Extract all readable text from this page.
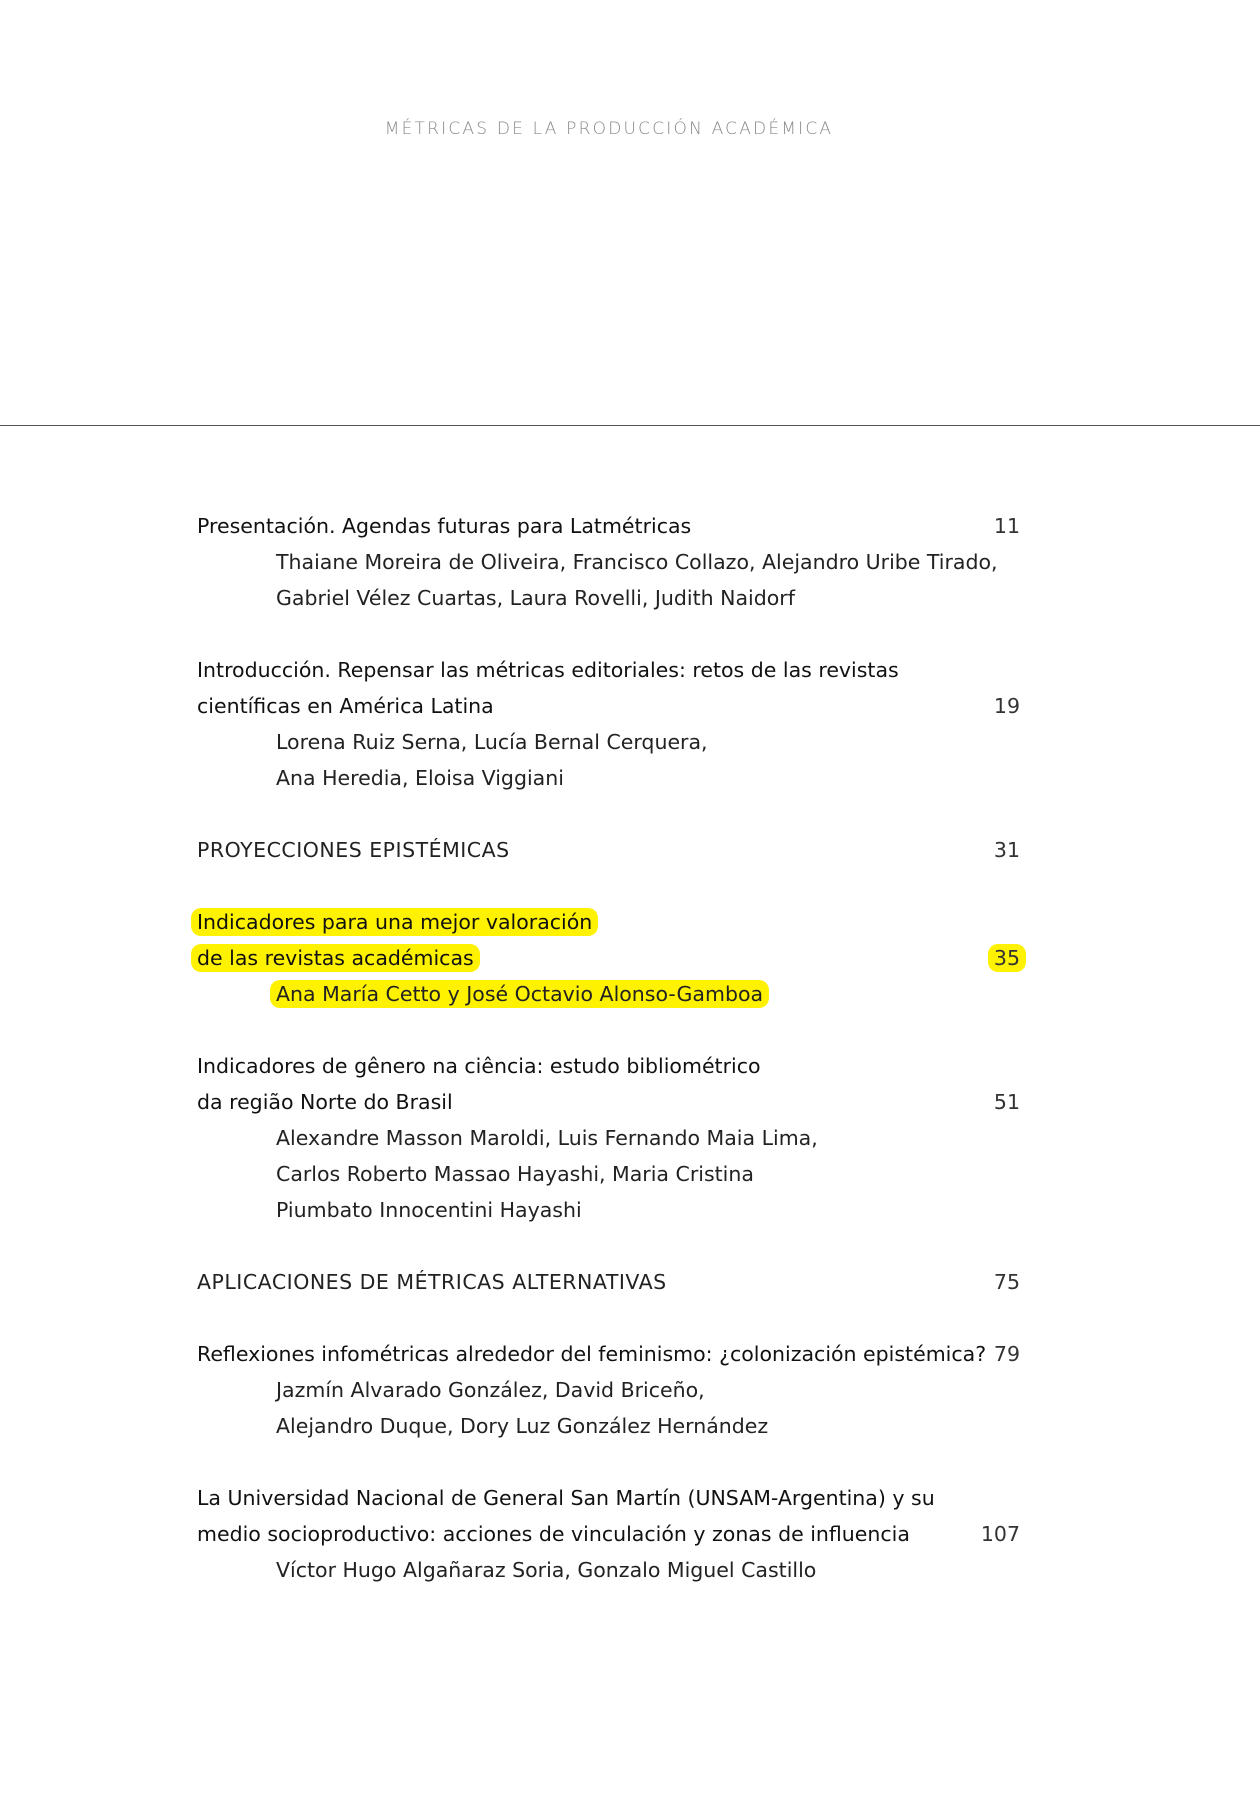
MÉTRICAS DE LA PRODUCCIÓN ACADÉMICA
Presentación. Agendas futuras para Latmétricas	11
Thaiane Moreira de Oliveira, Francisco Collazo, Alejandro Uribe Tirado,
Gabriel Vélez Cuartas, Laura Rovelli, Judith Naidorf
Introducción. Repensar las métricas editoriales: retos de las revistas
científicas en América Latina	19
Lorena Ruiz Serna, Lucía Bernal Cerquera,
Ana Heredia, Eloisa Viggiani
PROYECCIONES EPISTÉMICAS	31
Indicadores para una mejor valoración
de las revistas académicas	35
Ana María Cetto y José Octavio Alonso-Gamboa
Indicadores de gênero na ciência: estudo bibliométrico
da região Norte do Brasil	51
Alexandre Masson Maroldi, Luis Fernando Maia Lima,
Carlos Roberto Massao Hayashi, Maria Cristina
Piumbato Innocentini Hayashi
APLICACIONES DE MÉTRICAS ALTERNATIVAS	75
Reflexiones infométricas alrededor del feminismo: ¿colonización epistémica? 79
Jazmín Alvarado González, David Briceño,
Alejandro Duque, Dory Luz González Hernández
La Universidad Nacional de General San Martín (UNSAM-Argentina) y su
medio socioproductivo: acciones de vinculación y zonas de influencia	107
Víctor Hugo Algañaraz Soria, Gonzalo Miguel Castillo
